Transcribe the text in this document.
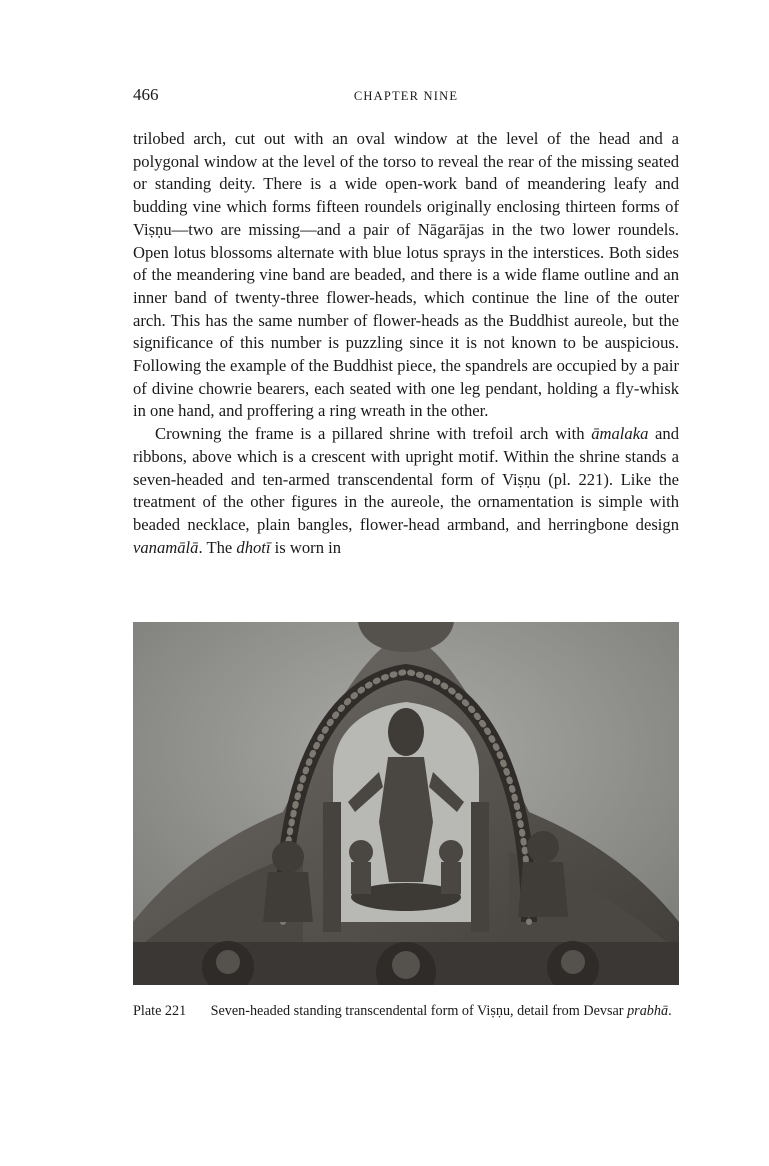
466	CHAPTER NINE

trilobed arch, cut out with an oval window at the level of the head and a polygonal window at the level of the torso to reveal the rear of the missing seated or standing deity. There is a wide open-work band of meandering leafy and budding vine which forms fifteen roundels originally enclosing thirteen forms of Viṣṇu—two are missing—and a pair of Nāgarājas in the two lower roundels. Open lotus blossoms alternate with blue lotus sprays in the interstices. Both sides of the meandering vine band are beaded, and there is a wide flame outline and an inner band of twenty-three flower-heads, which continue the line of the outer arch. This has the same number of flower-heads as the Buddhist aureole, but the significance of this number is puzzling since it is not known to be auspicious. Following the example of the Buddhist piece, the spandrels are occupied by a pair of divine chowrie bearers, each seated with one leg pendant, holding a fly-whisk in one hand, and proffering a ring wreath in the other.

Crowning the frame is a pillared shrine with trefoil arch with āmalaka and ribbons, above which is a crescent with upright motif. Within the shrine stands a seven-headed and ten-armed transcendental form of Viṣṇu (pl. 221). Like the treatment of the other figures in the aureole, the ornamentation is simple with beaded necklace, plain bangles, flower-head armband, and herringbone design vanamālā. The dhotī is worn in

Plate 221	Seven-headed standing transcendental form of Viṣṇu, detail from Devsar prabhā.
